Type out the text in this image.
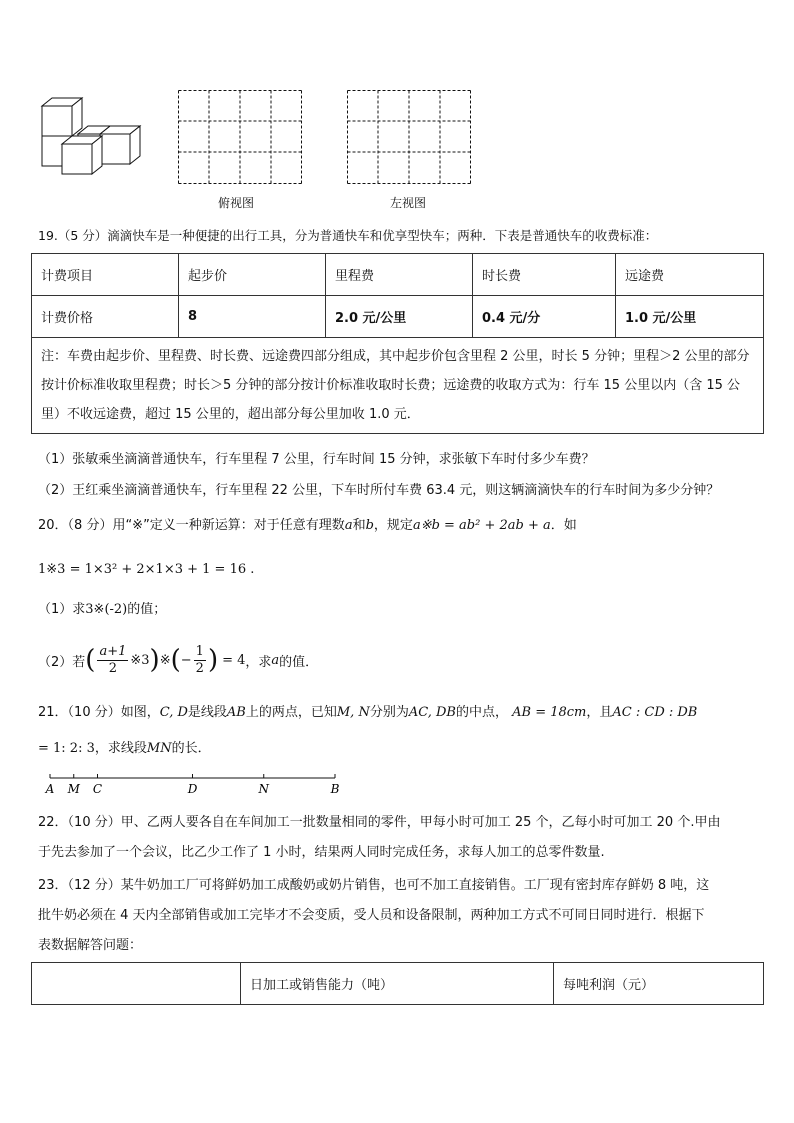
俯视图	左视图
19.（5 分）滴滴快车是一种便捷的出行工具，分为普通快车和优享型快车；两种．下表是普通快车的收费标准：
计费项目	起步价	里程费	时长费	远途费
计费价格	8	2.0 元/公里	0.4 元/分	1.0 元/公里
注：车费由起步价、里程费、时长费、远途费四部分组成，其中起步价包含里程 2 公里，时长 5 分钟；里程＞2 公里的部分按计价标准收取里程费；时长＞5 分钟的部分按计价标准收取时长费；远途费的收取方式为：行车 15 公里以内（含 15 公里）不收远途费，超过 15 公里的，超出部分每公里加收 1.0 元．				
（1）张敏乘坐滴滴普通快车，行车里程 7 公里，行车时间 15 分钟，求张敏下车时付多少车费？
（2）王红乘坐滴滴普通快车，行车里程 22 公里，下车时所付车费 63.4 元，则这辆滴滴快车的行车时间为多少分钟？
20．（8 分）用“※”定义一种新运算：对于任意有理数a和b，规定a※b = ab² + 2ab + a．如
1※3 = 1×3² + 2×1×3 + 1 = 16 .
（1）求3※(-2)的值；
（2）若 ( $\frac{a+1}{2}$ ※3 ) ※ ( − $\frac{1}{2}$ ) = 4 ，求 a 的值．
21．（10 分）如图，C, D是线段AB上的两点，已知M, N分别为AC, DB的中点， AB = 18cm，且AC : CD : DB
= 1: 2: 3，求线段MN的长．
A M C	D	N	B
22．（10 分）甲、乙两人要各自在车间加工一批数量相同的零件，甲每小时可加工 25 个，乙每小时可加工 20 个.甲由
于先去参加了一个会议，比乙少工作了 1 小时，结果两人同时完成任务，求每人加工的总零件数量.
23．（12 分）某牛奶加工厂可将鲜奶加工成酸奶或奶片销售，也可不加工直接销售。工厂现有密封库存鲜奶 8 吨，这
批牛奶必须在 4 天内全部销售或加工完毕才不会变质，受人员和设备限制，两种加工方式不可同日同时进行．根据下
表数据解答问题：
	日加工或销售能力（吨）	每吨利润（元）
